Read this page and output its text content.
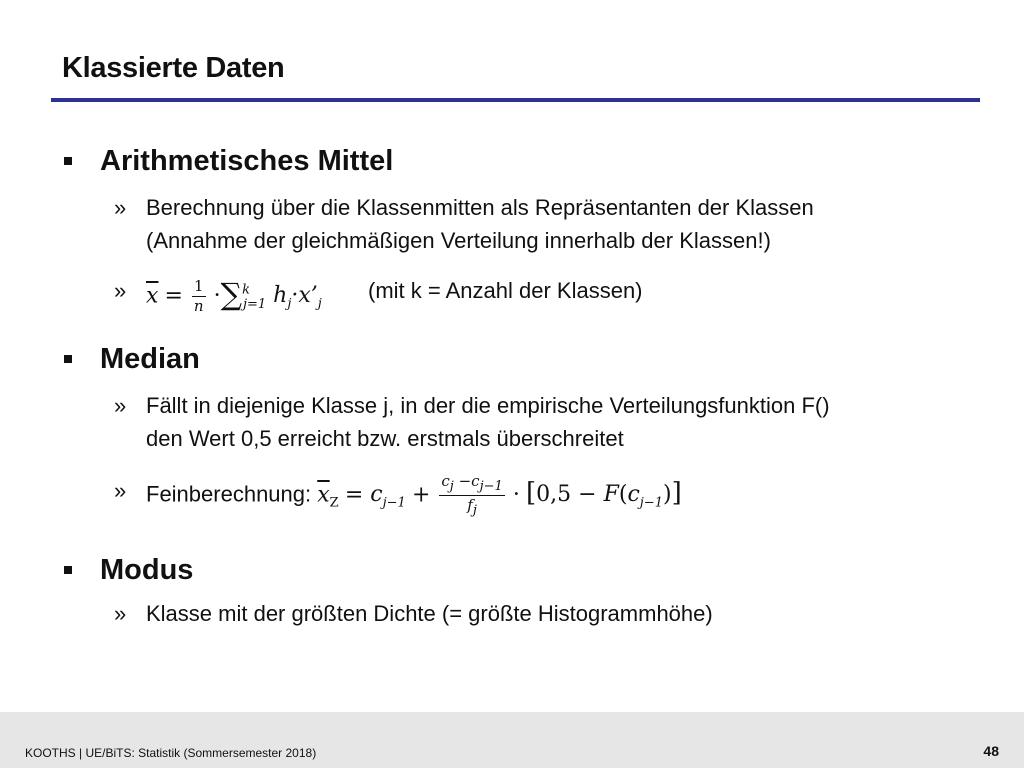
Klassierte Daten
Arithmetisches Mittel
» Berechnung über die Klassenmitten als Repräsentanten der Klassen
(Annahme der gleichmäßigen Verteilung innerhalb der Klassen!)
» $\overline{x} = \frac{1}{n} \cdot\sum^k_{j=1}$ $h_j\cdot x’_j$
(mit k = Anzahl der Klassen)
Median
» Fällt in diejenige Klasse j, in der die empirische Verteilungsfunktion F()
den Wert 0,5 erreicht bzw. erstmals überschreitet
» Feinberechnung: $\overline{x}_Z = c_{j-1} + \frac{c_j -c_{j-1}}{f_j} \cdot [0,5 - F(c_{j-1})]$
Modus
» Klasse mit der größten Dichte (= größte Histogrammhöhe)
KOOTHS | UE/BiTS: Statistik (Sommersemester 2018)	48
